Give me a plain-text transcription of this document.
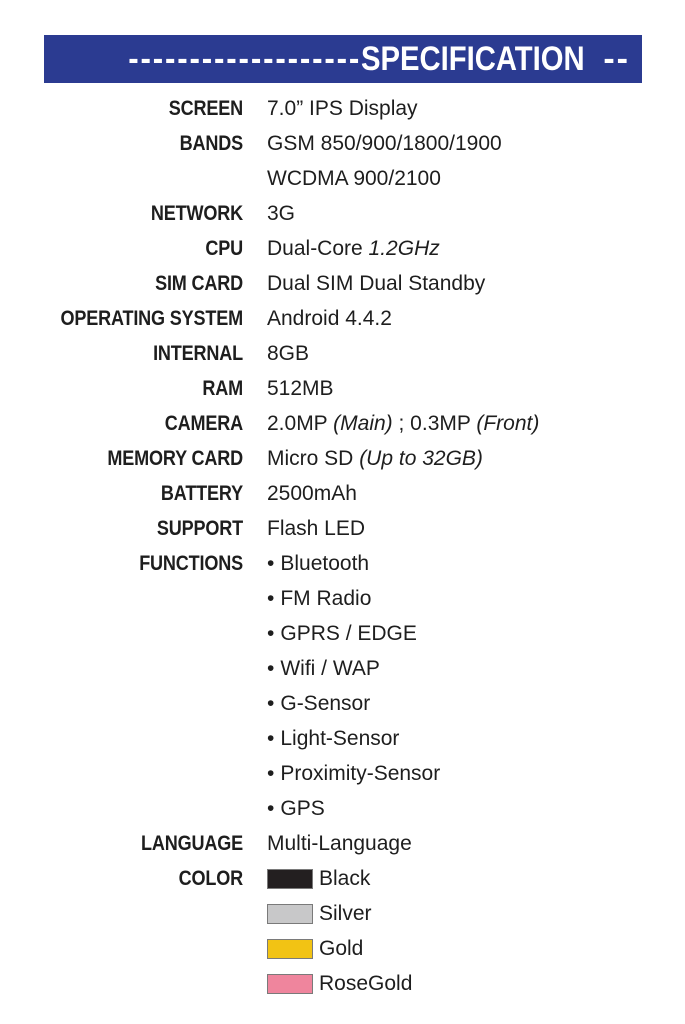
------------------- SPECIFICATION --
SCREEN 7.0” IPS Display
BANDS GSM 850/900/1800/1900
WCDMA 900/2100
NETWORK 3G
CPU Dual-Core 1.2GHz
SIM CARD Dual SIM Dual Standby
OPERATING SYSTEM Android 4.4.2
INTERNAL 8GB
RAM 512MB
CAMERA 2.0MP (Main) ; 0.3MP (Front)
MEMORY CARD Micro SD (Up to 32GB)
BATTERY 2500mAh
SUPPORT Flash LED
FUNCTIONS • Bluetooth
• FM Radio
• GPRS / EDGE
• Wifi / WAP
• G-Sensor
• Light-Sensor
• Proximity-Sensor
• GPS
LANGUAGE Multi-Language
COLOR	Black
Silver
Gold
RoseGold
